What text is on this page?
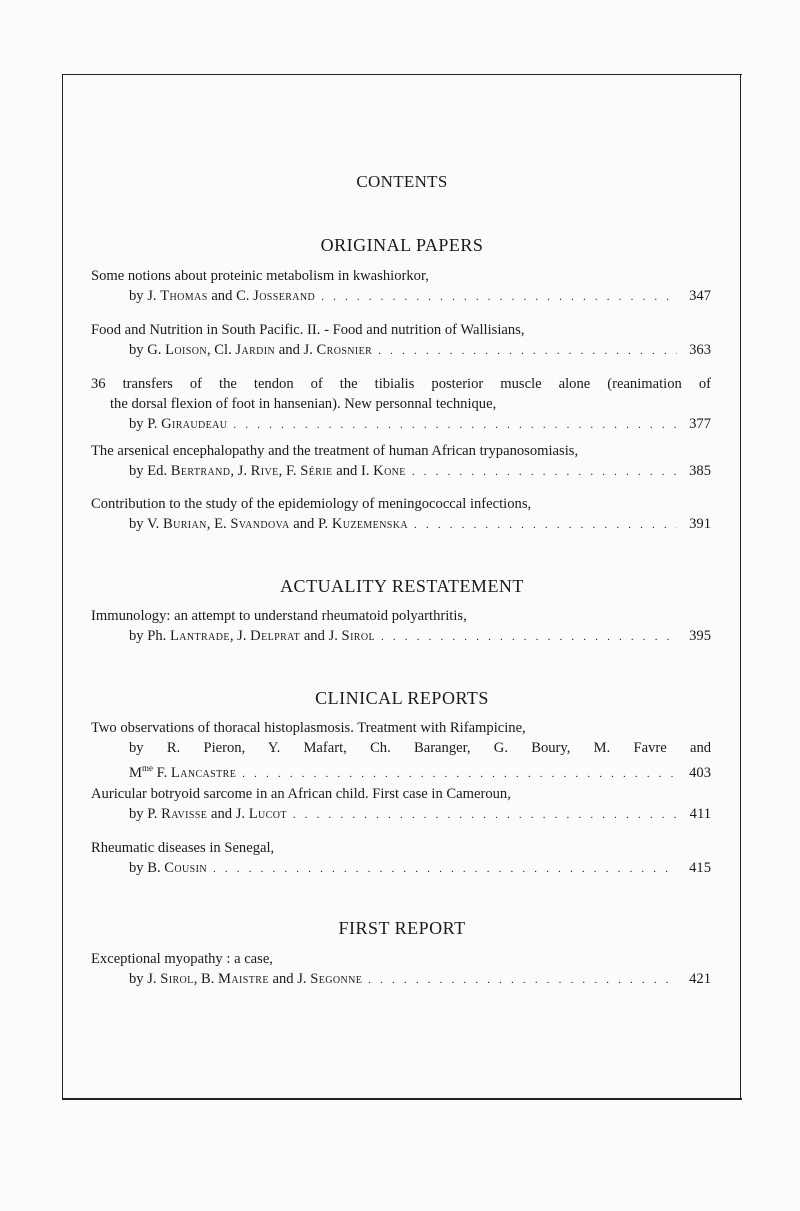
CONTENTS
ORIGINAL PAPERS
Some notions about proteinic metabolism in kwashiorkor,
by J. Thomas and C. Josserand . . .	347
Food and Nutrition in South Pacific. II. - Food and nutrition of Wallisians,
by G. Loison, Cl. Jardin and J. Crosnier . . .	363
36 transfers of the tendon of the tibialis posterior muscle alone (reanimation of
the dorsal flexion of foot in hansenian). New personnal technique,
by P. Giraudeau . . .	377
The arsenical encephalopathy and the treatment of human African trypanosomiasis,
by Ed. Bertrand, J. Rive, F. Série and I. Kone . . .	385
Contribution to the study of the epidemiology of meningococcal infections,
by V. Burian, E. Svandova and P. Kuzemenska . . .	391
ACTUALITY RESTATEMENT
Immunology: an attempt to understand rheumatoid polyarthritis,
by Ph. Lantrade, J. Delprat and J. Sirol . . .	395
CLINICAL REPORTS
Two observations of thoracal histoplasmosis. Treatment with Rifampicine,
by R. Pieron, Y. Mafart, Ch. Baranger, G. Boury, M. Favre and
$M^{me}$ F. Lancastre . . .	403
Auricular botryoid sarcome in an African child. First case in Cameroun,
by P. Ravisse and J. Lucot . . .	411
Rheumatic diseases in Senegal,
by B. Cousin . . .	415
FIRST REPORT
Exceptional myopathy : a case,
by J. Sirol, B. Maistre and J. Segonne . . .	421
